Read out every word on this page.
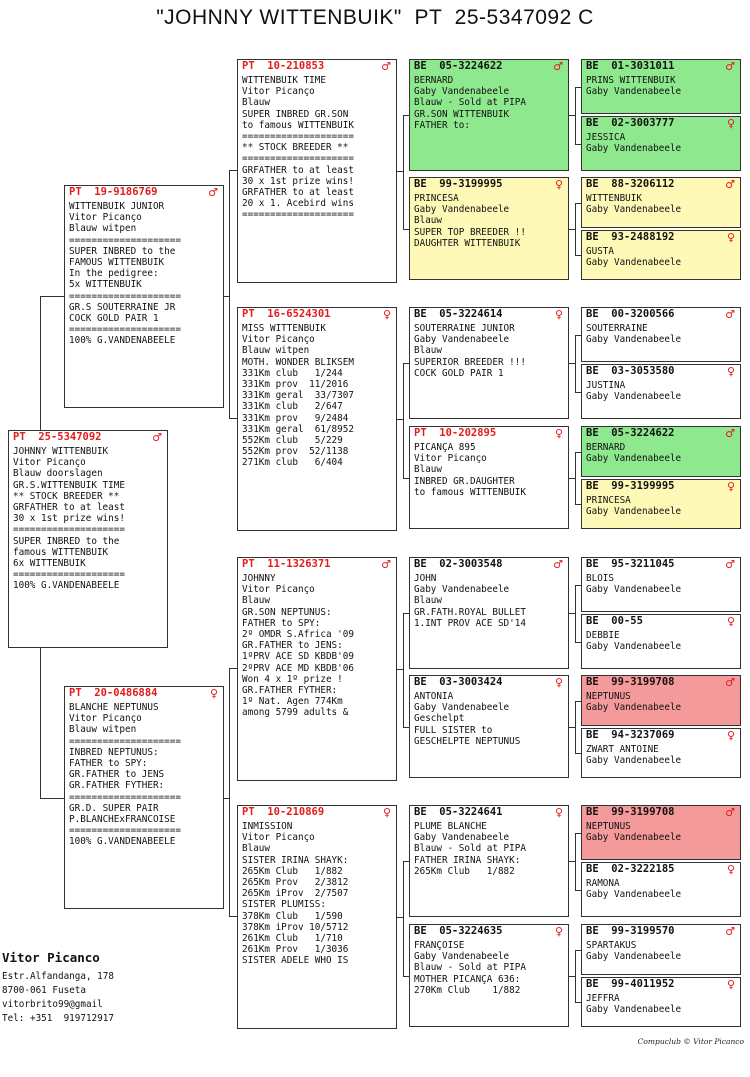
"JOHNNY WITTENBUIK"  PT  25-5347092 C
PT  25-5347092	♂
JOHNNY WITTENBUIK
Vitor Picanço
Blauw doorslagen
GR.S.WITTENBUIK TIME
** STOCK BREEDER **
GRFATHER to at least
30 x 1st prize wins!
====================
SUPER INBRED to the
famous WITTENBUIK
6x WITTENBUIK
====================
100% G.VANDENABEELE
PT  19-9186769	♂
WITTENBUIK JUNIOR
Vitor Picanço
Blauw witpen
====================
SUPER INBRED to the
FAMOUS WITTENBUIK
In the pedigree:
5x WITTENBUIK
====================
GR.S SOUTERRAINE JR
COCK GOLD PAIR 1
====================
100% G.VANDENABEELE
PT  20-0486884	♀
BLANCHE NEPTUNUS
Vitor Picanço
Blauw witpen
====================
INBRED NEPTUNUS:
FATHER to SPY:
GR.FATHER to JENS
GR.FATHER FYTHER:
====================
GR.D. SUPER PAIR
P.BLANCHExFRANCOISE
====================
100% G.VANDENABEELE
PT  10-210853	♂
WITTENBUIK TIME
Vitor Picanço
Blauw
SUPER INBRED GR.SON
to famous WITTENBUIK
====================
** STOCK BREEDER **
====================
GRFATHER to at least
30 x 1st prize wins!
GRFATHER to at least
20 x 1. Acebird wins
====================
PT  16-6524301	♀
MISS WITTENBUIK
Vitor Picanço
Blauw witpen
MOTH. WONDER BLIKSEM
331Km club   1/244
331Km prov  11/2016
331Km geral  33/7307
331Km club   2/647
331Km prov   9/2484
331Km geral  61/8952
552Km club   5/229
552Km prov  52/1138
271Km club   6/404
PT  11-1326371	♂
JOHNNY
Vitor Picanço
Blauw
GR.SON NEPTUNUS:
FATHER to SPY:
2º OMDR S.Africa '09
GR.FATHER to JENS:
1ºPRV ACE SD KBDB'09
2ºPRV ACE MD KBDB'06
Won 4 x 1º prize !
GR.FATHER FYTHER:
1º Nat. Agen 774Km
among 5799 adults &
PT  10-210869	♀
INMISSION
Vitor Picanço
Blauw
SISTER IRINA SHAYK:
265Km Club   1/882
265Km Prov   2/3812
265Km iProv  2/7507
SISTER PLUMISS:
378Km Club   1/590
378Km iProv 10/5712
261Km Club   1/710
261Km Prov   1/3036
SISTER ADELE WHO IS
BE  05-3224622	♂
BERNARD
Gaby Vandenabeele
Blauw - Sold at PIPA
GR.SON WITTENBUIK
FATHER to:
BE  99-3199995	♀
PRINCESA
Gaby Vandenabeele
Blauw
SUPER TOP BREEDER !!
DAUGHTER WITTENBUIK
BE  05-3224614	♀
SOUTERRAINE JUNIOR
Gaby Vandenabeele
Blauw
SUPERIOR BREEDER !!!
COCK GOLD PAIR 1
PT  10-202895	♀
PICANÇA 895
Vitor Picanço
Blauw
INBRED GR.DAUGHTER
to famous WITTENBUIK
BE  02-3003548	♂
JOHN
Gaby Vandenabeele
Blauw
GR.FATH.ROYAL BULLET
1.INT PROV ACE SD'14
BE  03-3003424	♀
ANTONIA
Gaby Vandenabeele
Geschelpt
FULL SISTER to
GESCHELPTE NEPTUNUS
BE  05-3224641	♀
PLUME BLANCHE
Gaby Vandenabeele
Blauw - Sold at PIPA
FATHER IRINA SHAYK:
265Km Club   1/882
BE  05-3224635	♀
FRANÇOISE
Gaby Vandenabeele
Blauw - Sold at PIPA
MOTHER PICANÇA 636:
270Km Club    1/882
BE  01-3031011	♂
PRINS WITTENBUIK
Gaby Vandenabeele
BE  02-3003777	♀
JESSICA
Gaby Vandenabeele
BE  88-3206112	♂
WITTENBUIK
Gaby Vandenabeele
BE  93-2488192	♀
GUSTA
Gaby Vandenabeele
BE  00-3200566	♂
SOUTERRAINE
Gaby Vandenabeele
BE  03-3053580	♀
JUSTINA
Gaby Vandenabeele
BE  05-3224622	♂
BERNARD
Gaby Vandenabeele
BE  99-3199995	♀
PRINCESA
Gaby Vandenabeele
BE  95-3211045	♂
BLOIS
Gaby Vandenabeele
BE  00-55	♀
DEBBIE
Gaby Vandenabeele
BE  99-3199708	♂
NEPTUNUS
Gaby Vandenabeele
BE  94-3237069	♀
ZWART ANTOINE
Gaby Vandenabeele
BE  99-3199708	♂
NEPTUNUS
Gaby Vandenabeele
BE  02-3222185	♀
RAMONA
Gaby Vandenabeele
BE  99-3199570	♂
SPARTAKUS
Gaby Vandenabeele
BE  99-4011952	♀
JEFFRA
Gaby Vandenabeele
Vitor Picanco
Estr.Alfandanga, 178
8700-061 Fuseta
vitorbrito99@gmail
Tel: +351  919712917
Compuclub © Vitor Picanco
